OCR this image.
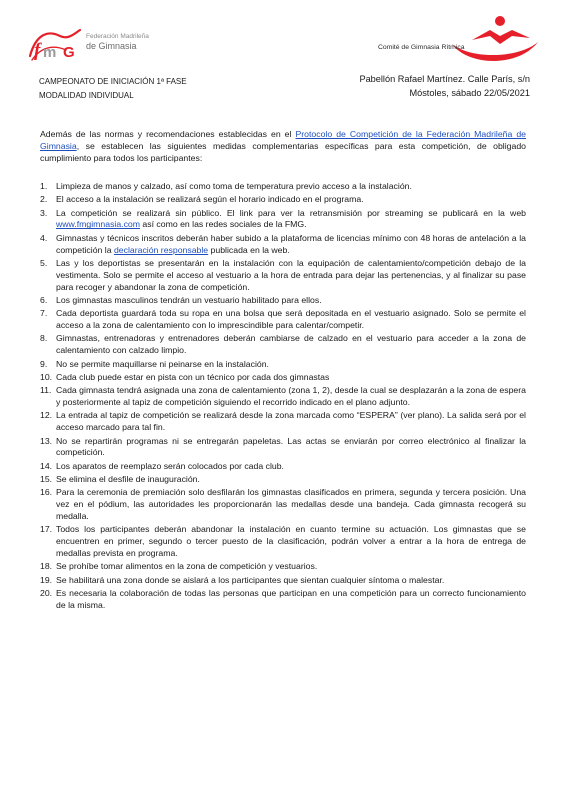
f m G
Federación Madrileña
de Gimnasia	Comité de Gimnasia Rítmica
CAMPEONATO DE INICIACIÓN 1ª FASE
MODALIDAD INDIVIDUAL
Pabellón Rafael Martínez. Calle París, s/n
Móstoles, sábado 22/05/2021

Además de las normas y recomendaciones establecidas en el Protocolo de Competición de la Federación Madrileña de Gimnasia, se establecen las siguientes medidas complementarias específicas para esta competición, de obligado cumplimiento para todos los participantes:

1.	Limpieza de manos y calzado, así como toma de temperatura previo acceso a la instalación.
2.	El acceso a la instalación se realizará según el horario indicado en el programa.
3.	La competición se realizará sin público. El link para ver la retransmisión por streaming se publicará en la web www.fmgimnasia.com así como en las redes sociales de la FMG.
4.	Gimnastas y técnicos inscritos deberán haber subido a la plataforma de licencias mínimo con 48 horas de antelación a la competición la declaración responsable publicada en la web.
5.	Las y los deportistas se presentarán en la instalación con la equipación de calentamiento/competición debajo de la vestimenta. Solo se permite el acceso al vestuario a la hora de entrada para dejar las pertenencias, y al finalizar su pase para recoger y abandonar la zona de competición.
6.	Los gimnastas masculinos tendrán un vestuario habilitado para ellos.
7.	Cada deportista guardará toda su ropa en una bolsa que será depositada en el vestuario asignado. Solo se permite el acceso a la zona de calentamiento con lo imprescindible para calentar/competir.
8.	Gimnastas, entrenadoras y entrenadores deberán cambiarse de calzado en el vestuario para acceder a la zona de calentamiento con calzado limpio.
9.	No se permite maquillarse ni peinarse en la instalación.
10. Cada club puede estar en pista con un técnico por cada dos gimnastas
11. Cada gimnasta tendrá asignada una zona de calentamiento (zona 1, 2), desde la cual se desplazarán a la zona de espera y posteriormente al tapiz de competición siguiendo el recorrido indicado en el plano adjunto.
12. La entrada al tapiz de competición se realizará desde la zona marcada como “ESPERA” (ver plano). La salida será por el acceso marcado para tal fin.
13. No se repartirán programas ni se entregarán papeletas. Las actas se enviarán por correo electrónico al finalizar la competición.
14. Los aparatos de reemplazo serán colocados por cada club.
15. Se elimina el desfile de inauguración.
16. Para la ceremonia de premiación solo desfilarán los gimnastas clasificados en primera, segunda y tercera posición. Una vez en el pódium, las autoridades les proporcionarán las medallas desde una bandeja. Cada gimnasta recogerá su medalla.
17. Todos los participantes deberán abandonar la instalación en cuanto termine su actuación. Los gimnastas que se encuentren en primer, segundo o tercer puesto de la clasificación, podrán volver a entrar a la hora de entrega de medallas prevista en programa.
18. Se prohíbe tomar alimentos en la zona de competición y vestuarios.
19. Se habilitará una zona donde se aislará a los participantes que sientan cualquier síntoma o malestar.
20. Es necesaria la colaboración de todas las personas que participan en una competición para un correcto funcionamiento de la misma.
